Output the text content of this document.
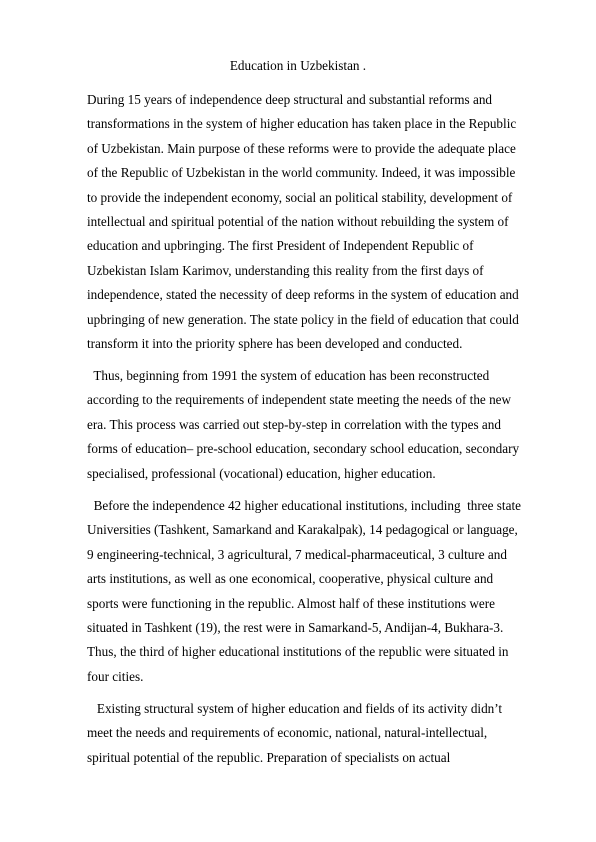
Education in Uzbekistan .
During 15 years of independence deep structural and substantial reforms and
transformations in the system of higher education has taken place in the Republic
of Uzbekistan. Main purpose of these reforms were to provide the adequate place
of the Republic of Uzbekistan in the world community. Indeed, it was impossible
to provide the independent economy, social an political stability, development of
intellectual and spiritual potential of the nation without rebuilding the system of
education and upbringing. The first President of Independent Republic of
Uzbekistan Islam Karimov, understanding this reality from the first days of
independence, stated the necessity of deep reforms in the system of education and
upbringing of new generation. The state policy in the field of education that could
transform it into the priority sphere has been developed and conducted.
Thus, beginning from 1991 the system of education has been reconstructed
according to the requirements of independent state meeting the needs of the new
era. This process was carried out step-by-step in correlation with the types and
forms of education– pre-school education, secondary school education, secondary
specialised, professional (vocational) education, higher education.
Before the independence 42 higher educational institutions, including  three state
Universities (Tashkent, Samarkand and Karakalpak), 14 pedagogical or language,
9 engineering-technical, 3 agricultural, 7 medical-pharmaceutical, 3 culture and
arts institutions, as well as one economical, cooperative, physical culture and
sports were functioning in the republic. Almost half of these institutions were
situated in Tashkent (19), the rest were in Samarkand-5, Andijan-4, Bukhara-3.
Thus, the third of higher educational institutions of the republic were situated in
four cities.
Existing structural system of higher education and fields of its activity didn’t
meet the needs and requirements of economic, national, natural-intellectual,
spiritual potential of the republic. Preparation of specialists on actual
